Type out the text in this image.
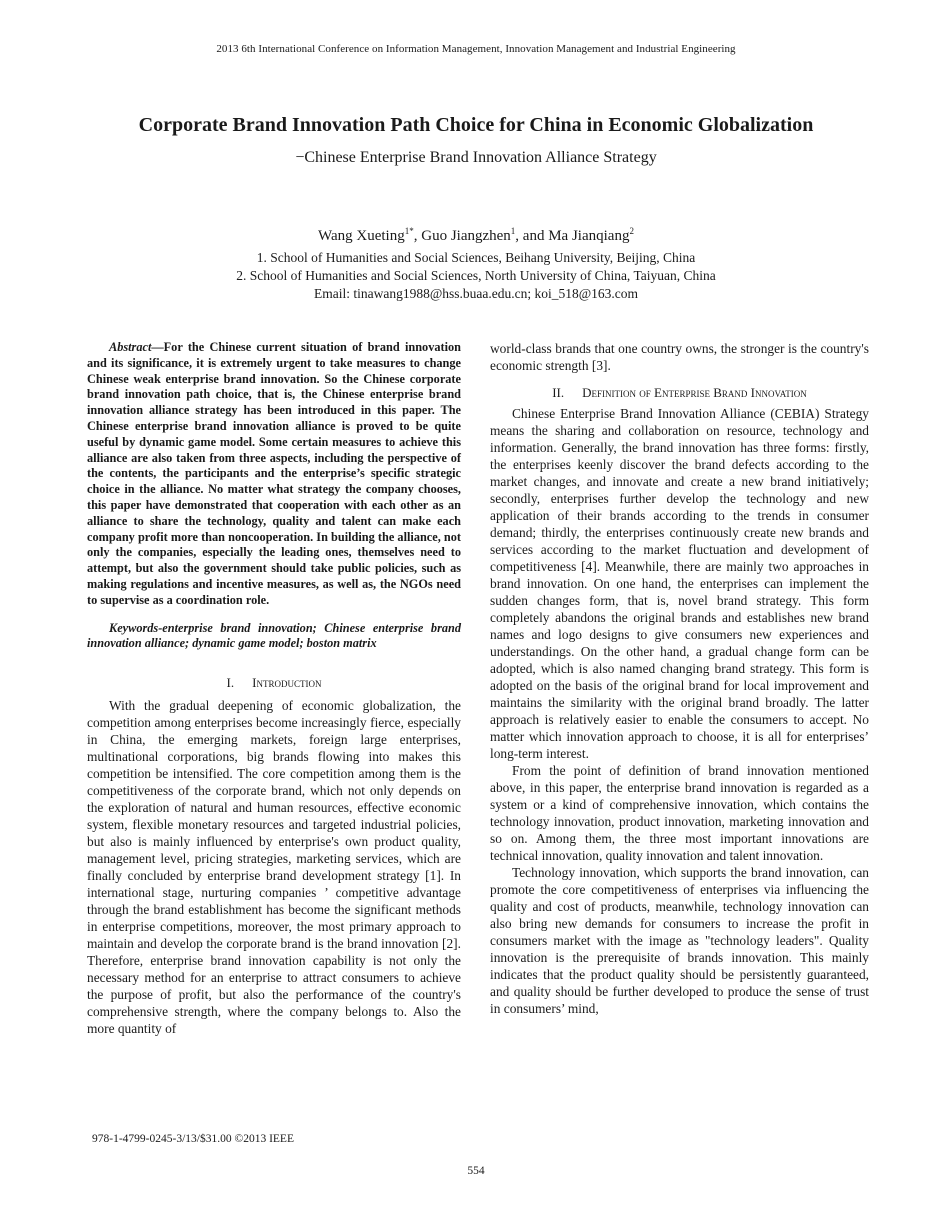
2013 6th International Conference on Information Management, Innovation Management and Industrial Engineering
Corporate Brand Innovation Path Choice for China in Economic Globalization
−Chinese Enterprise Brand Innovation Alliance Strategy
Wang Xueting$^{1*}$, Guo Jiangzhen$^1$, and Ma Jianqiang$^2$
1. School of Humanities and Social Sciences, Beihang University, Beijing, China
2. School of Humanities and Social Sciences, North University of China, Taiyuan, China
Email: tinawang1988@hss.buaa.edu.cn; koi_518@163.com

Abstract—For the Chinese current situation of brand innovation and its significance, it is extremely urgent to take measures to change Chinese weak enterprise brand innovation. So the Chinese corporate brand innovation path choice, that is, the Chinese enterprise brand innovation alliance strategy has been introduced in this paper. The Chinese enterprise brand innovation alliance is proved to be quite useful by dynamic game model. Some certain measures to achieve this alliance are also taken from three aspects, including the perspective of the contents, the participants and the enterprise’s specific strategic choice in the alliance. No matter what strategy the company chooses, this paper have demonstrated that cooperation with each other as an alliance to share the technology, quality and talent can make each company profit more than noncooperation. In building the alliance, not only the companies, especially the leading ones, themselves need to attempt, but also the government should take public policies, such as making regulations and incentive measures, as well as, the NGOs need to supervise as a coordination role.

Keywords-enterprise brand innovation; Chinese enterprise brand innovation alliance; dynamic game model; boston matrix

I. Introduction

With the gradual deepening of economic globalization, the competition among enterprises become increasingly fierce, especially in China, the emerging markets, foreign large enterprises, multinational corporations, big brands flowing into makes this competition be intensified. The core competition among them is the competitiveness of the corporate brand, which not only depends on the exploration of natural and human resources, effective economic system, flexible monetary resources and targeted industrial policies, but also is mainly influenced by enterprise's own product quality, management level, pricing strategies, marketing services, which are finally concluded by enterprise brand development strategy [1]. In international stage, nurturing companies ’ competitive advantage through the brand establishment has become the significant methods in enterprise competitions, moreover, the most primary approach to maintain and develop the corporate brand is the brand innovation [2]. Therefore, enterprise brand innovation capability is not only the necessary method for an enterprise to attract consumers to achieve the purpose of profit, but also the performance of the country's comprehensive strength, where the company belongs to. Also the more quantity of

world-class brands that one country owns, the stronger is the country's economic strength [3].

II. Definition of Enterprise Brand Innovation

Chinese Enterprise Brand Innovation Alliance (CEBIA) Strategy means the sharing and collaboration on resource, technology and information. Generally, the brand innovation has three forms: firstly, the enterprises keenly discover the brand defects according to the market changes, and innovate and create a new brand initiatively; secondly, enterprises further develop the technology and new application of their brands according to the trends in consumer demand; thirdly, the enterprises continuously create new brands and services according to the market fluctuation and development of competitiveness [4]. Meanwhile, there are mainly two approaches in brand innovation. On one hand, the enterprises can implement the sudden changes form, that is, novel brand strategy. This form completely abandons the original brands and establishes new brand names and logo designs to give consumers new experiences and understandings. On the other hand, a gradual change form can be adopted, which is also named changing brand strategy. This form is adopted on the basis of the original brand for local improvement and maintains the similarity with the original brand broadly. The latter approach is relatively easier to enable the consumers to accept. No matter which innovation approach to choose, it is all for enterprises’ long-term interest.

From the point of definition of brand innovation mentioned above, in this paper, the enterprise brand innovation is regarded as a system or a kind of comprehensive innovation, which contains the technology innovation, product innovation, marketing innovation and so on. Among them, the three most important innovations are technical innovation, quality innovation and talent innovation.

Technology innovation, which supports the brand innovation, can promote the core competitiveness of enterprises via influencing the quality and cost of products, meanwhile, technology innovation can also bring new demands for consumers to increase the profit in consumers market with the image as "technology leaders". Quality innovation is the prerequisite of brands innovation. This mainly indicates that the product quality should be persistently guaranteed, and quality should be further developed to produce the sense of trust in consumers’ mind,

978-1-4799-0245-3/13/$31.00 ©2013 IEEE
554
